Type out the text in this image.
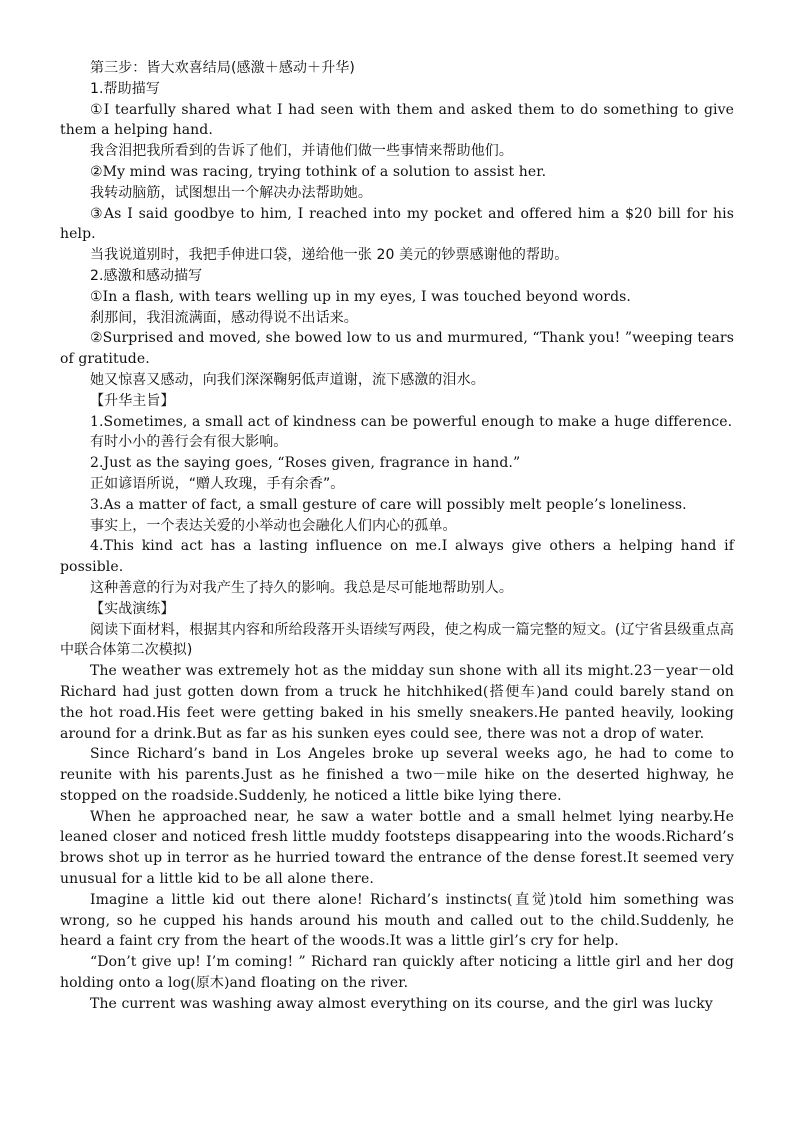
第三步：皆大欢喜结局(感激＋感动＋升华)

1.帮助描写

①I tearfully shared what I had seen with them and asked them to do something to give them a helping hand.

我含泪把我所看到的告诉了他们，并请他们做一些事情来帮助他们。

②My mind was racing, trying tothink of a solution to assist her.

我转动脑筋，试图想出一个解决办法帮助她。

③As I said goodbye to him, I reached into my pocket and offered him a $20 bill for his help.

当我说道别时，我把手伸进口袋，递给他一张 20 美元的钞票感谢他的帮助。

2.感激和感动描写

①In a flash, with tears welling up in my eyes, I was touched beyond words.

刹那间，我泪流满面，感动得说不出话来。

②Surprised and moved, she bowed low to us and murmured, “Thank you! ”weeping tears of gratitude.

她又惊喜又感动，向我们深深鞠躬低声道谢，流下感激的泪水。

【升华主旨】

1.Sometimes, a small act of kindness can be powerful enough to make a huge difference.

有时小小的善行会有很大影响。

2.Just as the saying goes, “Roses given, fragrance in hand.”

正如谚语所说，“赠人玫瑰，手有余香”。

3.As a matter of fact, a small gesture of care will possibly melt people’s loneliness.

事实上，一个表达关爱的小举动也会融化人们内心的孤单。

4.This kind act has a lasting influence on me.I always give others a helping hand if possible.

这种善意的行为对我产生了持久的影响。我总是尽可能地帮助别人。

【实战演练】

阅读下面材料，根据其内容和所给段落开头语续写两段，使之构成一篇完整的短文。(辽宁省县级重点高中联合体第二次模拟)

The weather was extremely hot as the midday sun shone with all its might.23－year－old Richard had just gotten down from a truck he hitchhiked(搭便车)and could barely stand on the hot road.His feet were getting baked in his smelly sneakers.He panted heavily, looking around for a drink.But as far as his sunken eyes could see, there was not a drop of water.

Since Richard’s band in Los Angeles broke up several weeks ago, he had to come to reunite with his parents.Just as he finished a two－mile hike on the deserted highway, he stopped on the roadside.Suddenly, he noticed a little bike lying there.

When he approached near, he saw a water bottle and a small helmet lying nearby.He leaned closer and noticed fresh little muddy footsteps disappearing into the woods.Richard’s brows shot up in terror as he hurried toward the entrance of the dense forest.It seemed very unusual for a little kid to be all alone there.

Imagine a little kid out there alone! Richard’s instincts(直觉)told him something was wrong, so he cupped his hands around his mouth and called out to the child.Suddenly, he heard a faint cry from the heart of the woods.It was a little girl’s cry for help.

“Don’t give up! I’m coming! ” Richard ran quickly after noticing a little girl and her dog holding onto a log(原木)and floating on the river.

The current was washing away almost everything on its course, and the girl was lucky
